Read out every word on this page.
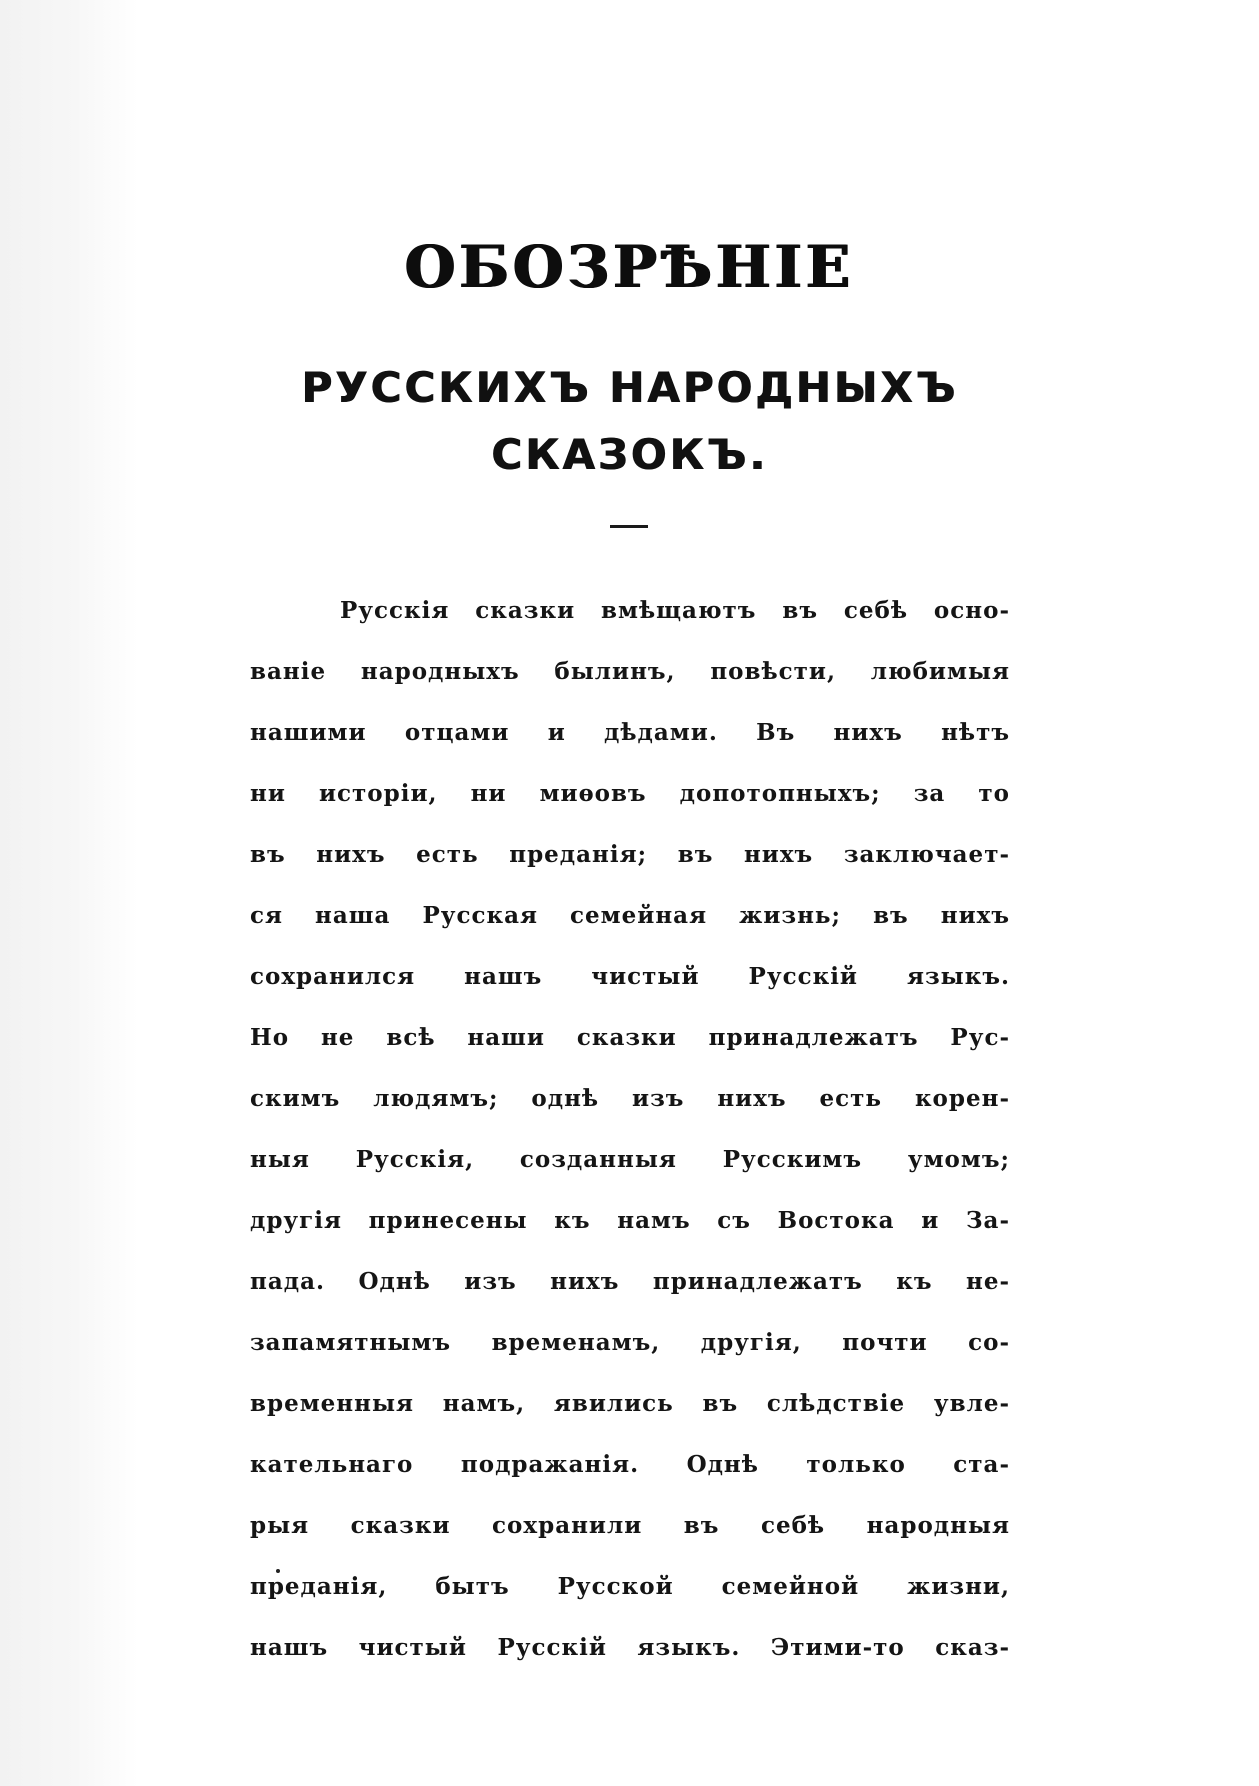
ОБОЗРѢНІЕ
РУССКИХЪ НАРОДНЫХЪ
СКАЗОКЪ.
Русскія сказки вмѣщаютъ въ себѣ осно-
ваніе народныхъ былинъ, повѣсти, любимыя
нашими отцами и дѣдами. Въ нихъ нѣтъ
ни исторіи, ни миѳовъ допотопныхъ; за то
въ нихъ есть преданія; въ нихъ заключает-
ся наша Русская семейная жизнь; въ нихъ
сохранился нашъ чистый Русскій языкъ.
Но не всѣ наши сказки принадлежатъ Рус-
скимъ людямъ; однѣ изъ нихъ есть корен-
ныя Русскія, созданныя Русскимъ умомъ;
другія принесены къ намъ съ Востока и За-
пада. Однѣ изъ нихъ принадлежатъ къ не-
запамятнымъ временамъ, другія, почти со-
временныя намъ, явились въ слѣдствіе увле-
кательнаго подражанія. Однѣ только ста-
рыя сказки сохранили въ себѣ народныя
преданія, бытъ Русской семейной жизни,
нашъ чистый Русскій языкъ. Этими-то сказ-
